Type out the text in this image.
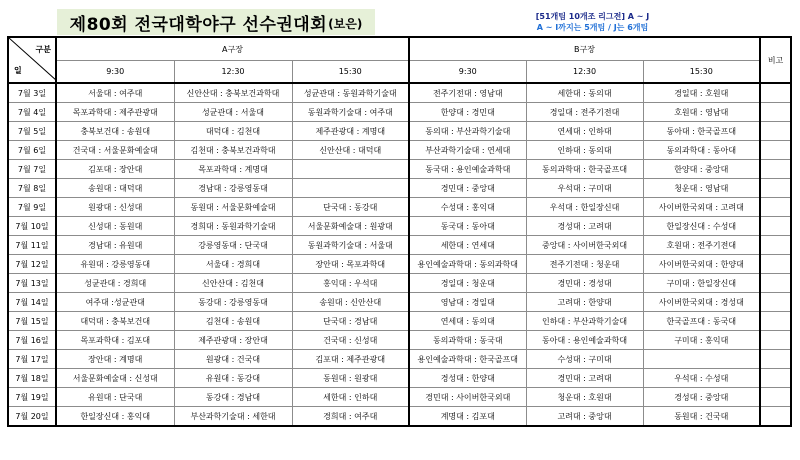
제80회 전국대학야구 선수권대회 (보은)
[51개팀 10개조 리그전] A ~ J
A ~ I까지는 5개팀 / J는 6개팀
구분
일	A구장			B구장			비고
	9:30	12:30	15:30	9:30	12:30	15:30	
7월 3일	서울대 : 여주대	신안산대 : 충북보건과학대	성균관대 : 동원과학기술대	전주기전대 : 영남대	세한대 : 동의대	경일대 : 호원대	
7월 4일	목포과학대 : 제주관광대	성균관대 : 서울대	동원과학기술대 : 여주대	한양대 : 경민대	경일대 : 전주기전대	호원대 : 영남대	
7월 5일	충북보건대 : 송원대	대덕대 : 김천대	제주관광대 : 계명대	동의대 : 부산과학기술대	연세대 : 인하대	동아대 : 한국골프대	
7월 6일	건국대 : 서울문화예술대	김천대 : 충북보건과학대	신안산대 : 대덕대	부산과학기술대 : 연세대	인하대 : 동의대	동의과학대 : 동아대	
7월 7일	김포대 : 장안대	목포과학대 : 계명대		동국대 : 용인예술과학대	동의과학대 : 한국골프대	한양대 : 중앙대	
7월 8일	송원대 : 대덕대	경남대 : 강릉영동대		경민대 : 중앙대	우석대 : 구미대	청운대 : 영남대	
7월 9일	원광대 : 신성대	동원대 : 서울문화예술대	단국대 : 동강대	수성대 : 홍익대	우석대 : 한일장신대	사이버한국외대 : 고려대	
7월 10일	신성대 : 동원대	경희대 : 동원과학기술대	서울문화예술대 : 원광대	동국대 : 동아대	경성대 : 고려대	한일장신대 : 수성대	
7월 11일	경남대 : 유원대	강릉영동대 : 단국대	동원과학기술대 : 서울대	세한대 : 연세대	중앙대 : 사이버한국외대	호원대 : 전주기전대	
7월 12일	유원대 : 강릉영동대	서울대 : 경희대	장안대 : 목포과학대	용인예술과학대 : 동의과학대	전주기전대 : 청운대	사이버한국외대 : 한양대	
7월 13일	성균관대 : 경희대	신안산대 : 김천대	홍익대 : 우석대	경일대 : 청운대	경민대 : 경성대	구미대 : 한일장신대	
7월 14일	여주대 :성균관대	동강대 : 강릉영동대	송원대 : 신안산대	영남대 : 경일대	고려대 : 한양대	사이버한국외대 : 경성대	
7월 15일	대덕대 : 충북보건대	김천대 : 송원대	단국대 : 경남대	연세대 : 동의대	인하대 : 부산과학기술대	한국골프대 : 동국대	
7월 16일	목포과학대 : 김포대	제주관광대 : 장안대	건국대 : 신성대	동의과학대 : 동국대	동아대 : 용인예술과학대	구미대 : 홍익대	
7월 17일	장안대 : 계명대	원광대 : 건국대	김포대 : 제주관광대	용인예술과학대 : 한국골프대	수성대 : 구미대		
7월 18일	서울문화예술대 : 신성대	유원대 : 동강대	동원대 : 원광대	경성대 : 한양대	경민대 : 고려대	우석대 : 수성대	
7월 19일	유원대 : 단국대	동강대 : 경남대	세한대 : 인하대	경민대 : 사이버한국외대	청운대 : 호원대	경성대 : 중앙대	
7월 20일	한일장신대 : 홍익대	부산과학기술대 : 세한대	경희대 : 여주대	계명대 : 김포대	고려대 : 중앙대	동원대 : 건국대	
